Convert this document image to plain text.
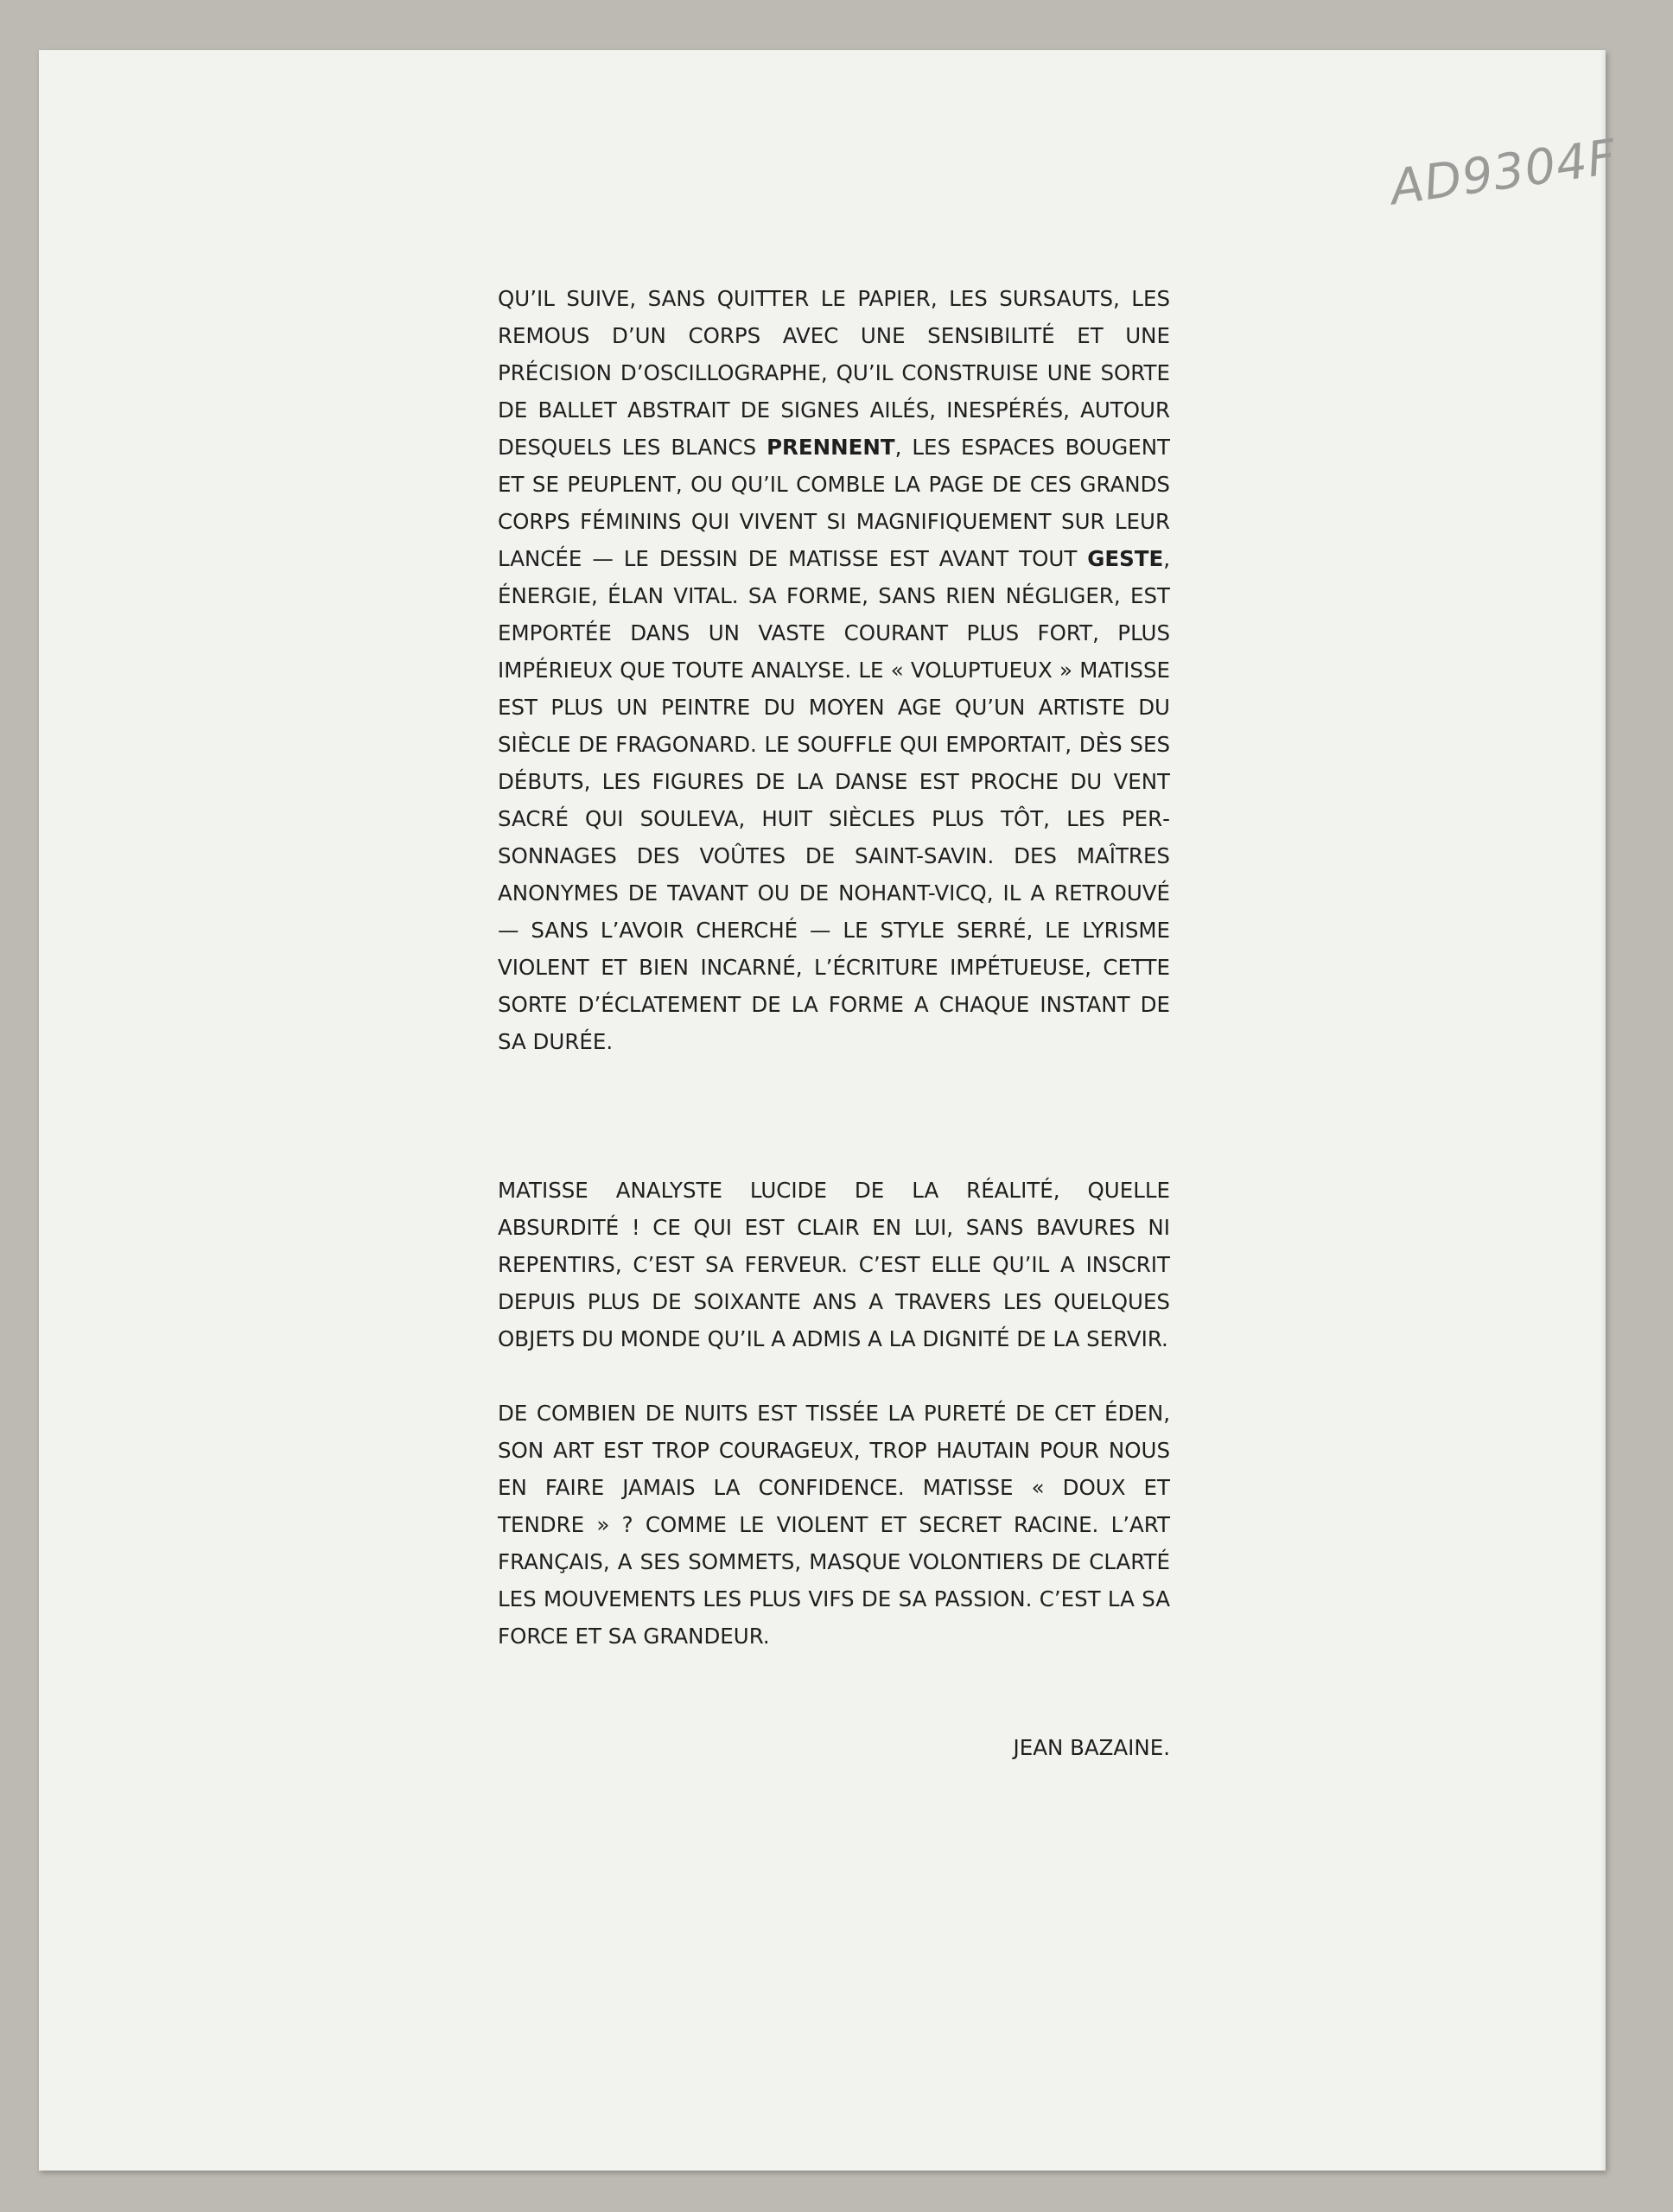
AD9304F

QU’IL SUIVE, SANS QUITTER LE PAPIER, LES SURSAUTS, LES REMOUS D’UN CORPS AVEC UNE SENSIBILITÉ ET UNE PRÉCISION D’OSCILLOGRAPHE, QU’IL CONSTRUISE UNE SORTE DE BALLET ABSTRAIT DE SIGNES AILÉS, INESPÉRÉS, AUTOUR DESQUELS LES BLANCS PRENNENT, LES ESPACES BOUGENT ET SE PEUPLENT, OU QU’IL COMBLE LA PAGE DE CES GRANDS CORPS FÉMININS QUI VIVENT SI MAGNIFIQUEMENT SUR LEUR LANCÉE — LE DESSIN DE MATISSE EST AVANT TOUT GESTE, ÉNERGIE, ÉLAN VITAL. SA FORME, SANS RIEN NÉGLIGER, EST EMPORTÉE DANS UN VASTE COURANT PLUS FORT, PLUS IMPÉRIEUX QUE TOUTE ANALYSE. LE « VOLUPTUEUX » MATISSE EST PLUS UN PEINTRE DU MOYEN AGE QU’UN ARTISTE DU SIÈCLE DE FRAGONARD. LE SOUFFLE QUI EMPORTAIT, DÈS SES DÉBUTS, LES FIGURES DE LA DANSE EST PROCHE DU VENT SACRÉ QUI SOULEVA, HUIT SIÈCLES PLUS TÔT, LES PERSONNAGES DES VOÛTES DE SAINT-SAVIN. DES MAÎTRES ANONYMES DE TAVANT OU DE NOHANT-VICQ, IL A RETROUVÉ — SANS L’AVOIR CHERCHÉ — LE STYLE SERRÉ, LE LYRISME VIOLENT ET BIEN INCARNÉ, L’ÉCRITURE IMPÉTUEUSE, CETTE SORTE D’ÉCLATEMENT DE LA FORME A CHAQUE INSTANT DE SA DURÉE.

MATISSE ANALYSTE LUCIDE DE LA RÉALITÉ, QUELLE ABSURDITÉ ! CE QUI EST CLAIR EN LUI, SANS BAVURES NI REPENTIRS, C’EST SA FERVEUR. C’EST ELLE QU’IL A INSCRIT DEPUIS PLUS DE SOIXANTE ANS A TRAVERS LES QUELQUES OBJETS DU MONDE QU’IL A ADMIS A LA DIGNITÉ DE LA SERVIR.

DE COMBIEN DE NUITS EST TISSÉE LA PURETÉ DE CET ÉDEN, SON ART EST TROP COURAGEUX, TROP HAUTAIN POUR NOUS EN FAIRE JAMAIS LA CONFIDENCE. MATISSE « DOUX ET TENDRE » ? COMME LE VIOLENT ET SECRET RACINE. L’ART FRANÇAIS, A SES SOMMETS, MASQUE VOLONTIERS DE CLARTÉ LES MOUVEMENTS LES PLUS VIFS DE SA PASSION. C’EST LA SA FORCE ET SA GRANDEUR.

JEAN BAZAINE.
